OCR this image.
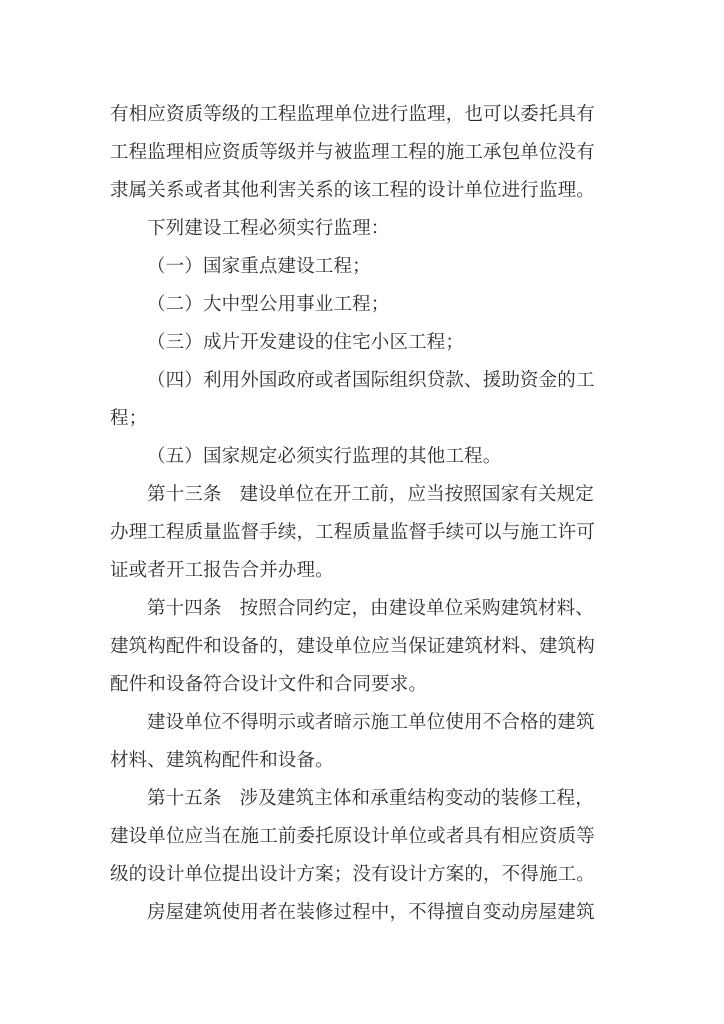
有相应资质等级的工程监理单位进行监理，也可以委托具有
工程监理相应资质等级并与被监理工程的施工承包单位没有
隶属关系或者其他利害关系的该工程的设计单位进行监理。
下列建设工程必须实行监理：
（一）国家重点建设工程；
（二）大中型公用事业工程；
（三）成片开发建设的住宅小区工程；
（四）利用外国政府或者国际组织贷款、援助资金的工
程；
（五）国家规定必须实行监理的其他工程。
第十三条 建设单位在开工前，应当按照国家有关规定
办理工程质量监督手续，工程质量监督手续可以与施工许可
证或者开工报告合并办理。
第十四条 按照合同约定，由建设单位采购建筑材料、
建筑构配件和设备的，建设单位应当保证建筑材料、建筑构
配件和设备符合设计文件和合同要求。
建设单位不得明示或者暗示施工单位使用不合格的建筑
材料、建筑构配件和设备。
第十五条 涉及建筑主体和承重结构变动的装修工程，
建设单位应当在施工前委托原设计单位或者具有相应资质等
级的设计单位提出设计方案；没有设计方案的，不得施工。
房屋建筑使用者在装修过程中，不得擅自变动房屋建筑
